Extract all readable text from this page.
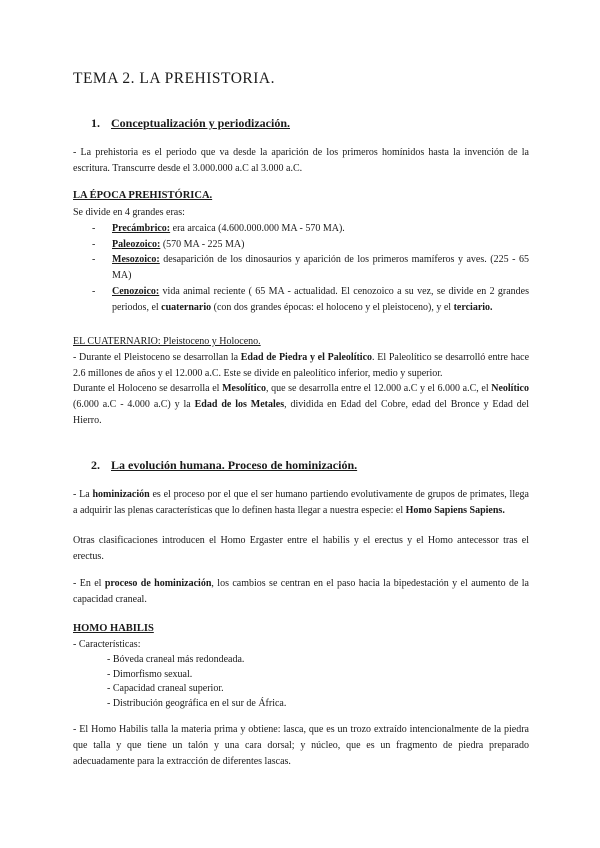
TEMA 2. LA PREHISTORIA.
1. Conceptualización y periodización.
- La prehistoria es el periodo que va desde la aparición de los primeros homínidos hasta la invención de la escritura. Transcurre desde el 3.000.000 a.C al 3.000 a.C.
LA ÉPOCA PREHISTÓRICA.
Se divide en 4 grandes eras:
- Precámbrico: era arcaica (4.600.000.000 MA - 570 MA).
- Paleozoico: (570 MA - 225 MA)
- Mesozoico: desaparición de los dinosaurios y aparición de los primeros mamíferos y aves. (225 - 65 MA)
- Cenozoico: vida animal reciente ( 65 MA - actualidad. El cenozoico a su vez, se divide en 2 grandes periodos, el cuaternario (con dos grandes épocas: el holoceno y el pleistoceno), y el terciario.
EL CUATERNARIO: Pleistoceno y Holoceno.
- Durante el Pleistoceno se desarrollan la Edad de Piedra y el Paleolítico. El Paleolítico se desarrolló entre hace 2.6 millones de años y el 12.000 a.C. Este se divide en paleolítico inferior, medio y superior.
Durante el Holoceno se desarrolla el Mesolítico, que se desarrolla entre el 12.000 a.C y el 6.000 a.C, el Neolítico (6.000 a.C - 4.000 a.C) y la Edad de los Metales, dividida en Edad del Cobre, edad del Bronce y Edad del Hierro.
2. La evolución humana. Proceso de hominización.
- La hominización es el proceso por el que el ser humano partiendo evolutivamente de grupos de primates, llega a adquirir las plenas características que lo definen hasta llegar a nuestra especie: el Homo Sapiens Sapiens.
Otras clasificaciones introducen el Homo Ergaster entre el habilis y el erectus y el Homo antecessor tras el erectus.
- En el proceso de hominización, los cambios se centran en el paso hacia la bipedestación y el aumento de la capacidad craneal.
HOMO HABILIS
- Características:
- Bóveda craneal más redondeada.
- Dimorfismo sexual.
- Capacidad craneal superior.
- Distribución geográfica en el sur de África.
- El Homo Habilis talla la materia prima y obtiene: lasca, que es un trozo extraído intencionalmente de la piedra que talla y que tiene un talón y una cara dorsal; y núcleo, que es un fragmento de piedra preparado adecuadamente para la extracción de diferentes lascas.
